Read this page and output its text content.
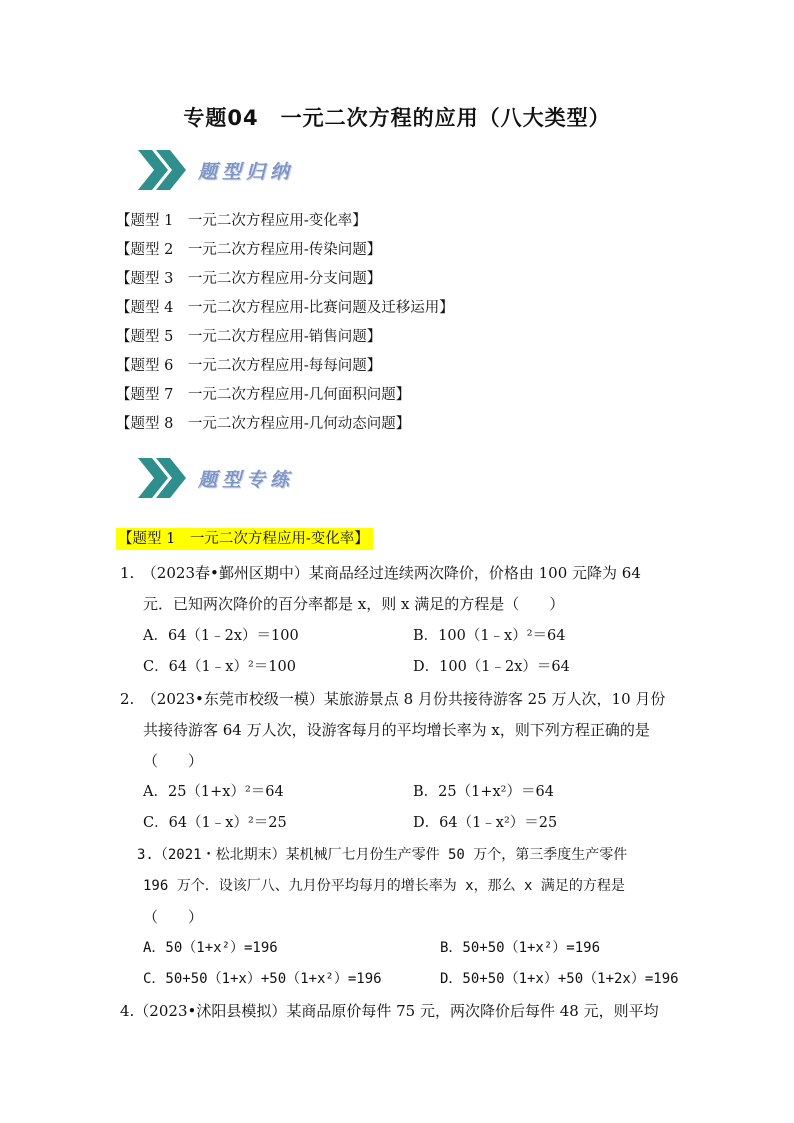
专题04　一元二次方程的应用（八大类型）
题型归纳
【题型 1　一元二次方程应用-变化率】
【题型 2　一元二次方程应用-传染问题】
【题型 3　一元二次方程应用-分支问题】
【题型 4　一元二次方程应用-比赛问题及迁移运用】
【题型 5　一元二次方程应用-销售问题】
【题型 6　一元二次方程应用-每每问题】
【题型 7　一元二次方程应用-几何面积问题】
【题型 8　一元二次方程应用-几何动态问题】
题型专练
【题型 1　一元二次方程应用-变化率】
1.　（2023春•鄞州区期中）某商品经过连续两次降价，价格由 100 元降为 64
元．已知两次降价的百分率都是 x，则 x 满足的方程是（　　）
A．64（1﹣2x）＝100	B．100（1﹣x）²＝64
C．64（1﹣x）²＝100	D．100（1﹣2x）＝64
2.　（2023•东莞市校级一模）某旅游景点 8 月份共接待游客 25 万人次，10 月份
共接待游客 64 万人次，设游客每月的平均增长率为 x，则下列方程正确的是
（　　）
A．25（1+x）²＝64	B．25（1+x²）＝64
C．64（1﹣x）²＝25	D．64（1﹣x²）＝25
3.（2021・松北期末）某机械厂七月份生产零件 50 万个，第三季度生产零件
196 万个．设该厂八、九月份平均每月的增长率为 x，那么 x 满足的方程是
（　　）
A．50（1+x²）=196	B．50+50（1+x²）=196
C．50+50（1+x）+50（1+x²）=196	D．50+50（1+x）+50（1+2x）=196
4.（2023•沭阳县模拟）某商品原价每件 75 元，两次降价后每件 48 元，则平均
